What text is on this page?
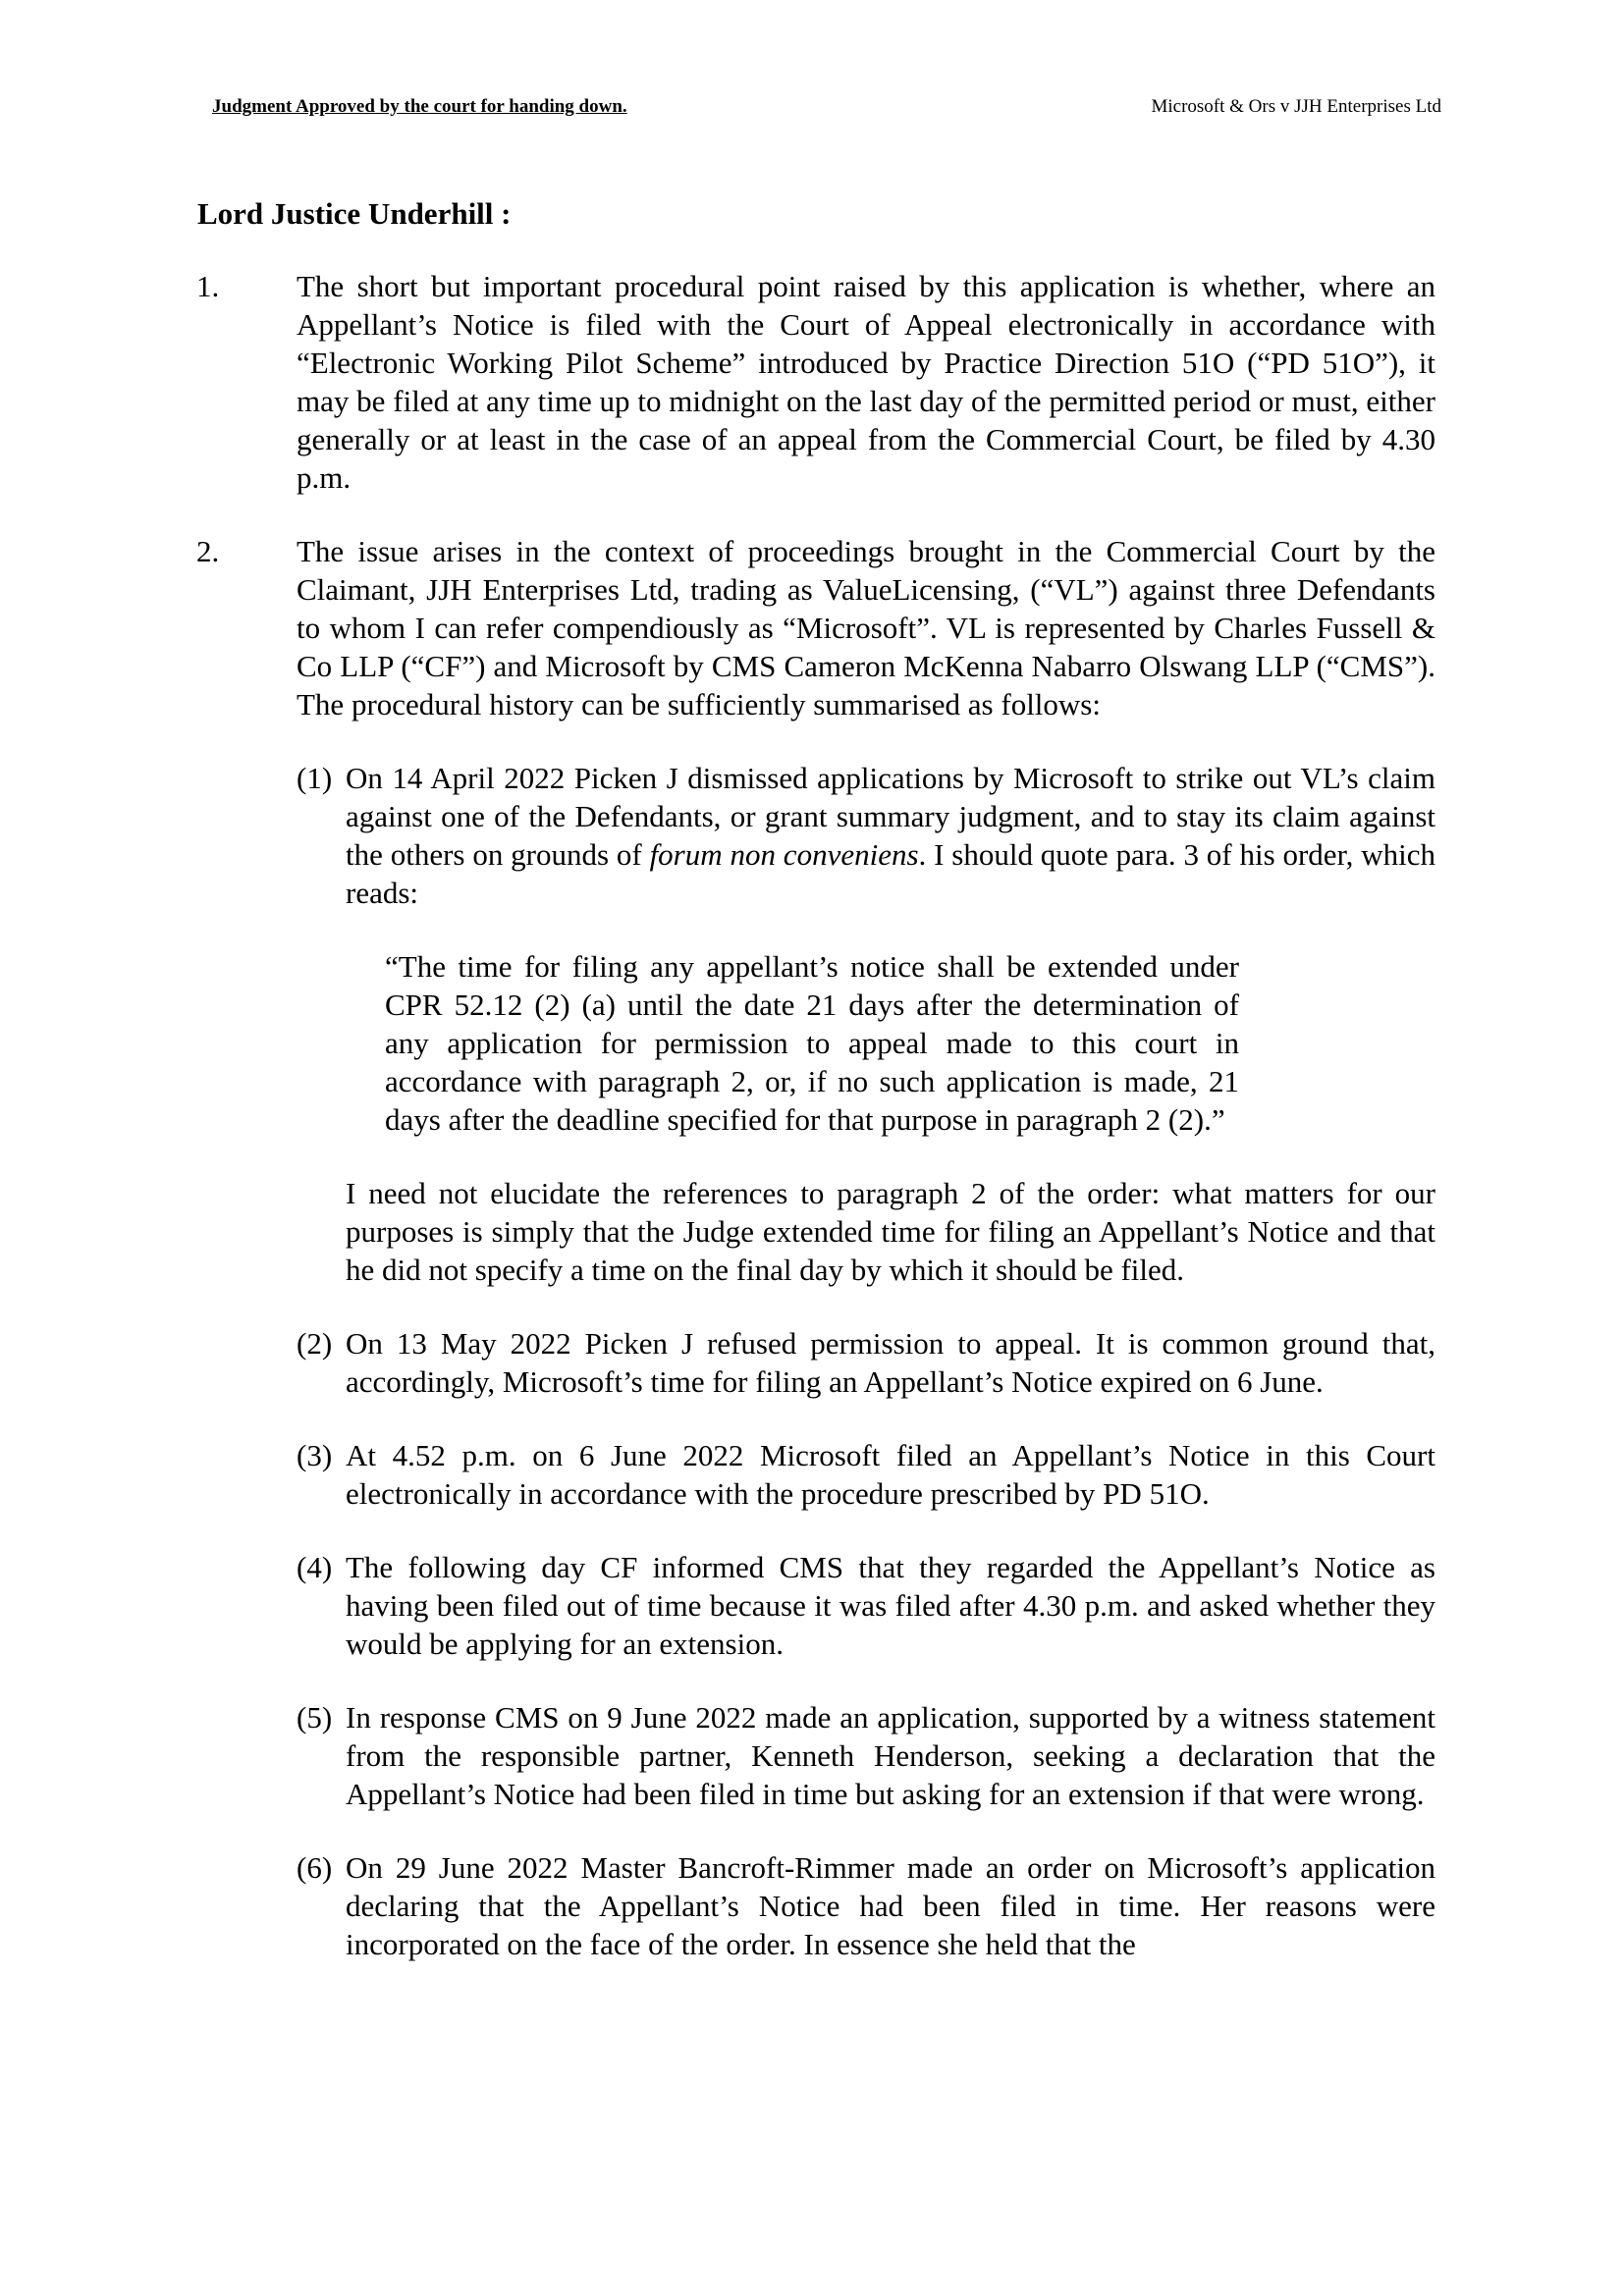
Judgment Approved by the court for handing down.	Microsoft & Ors v JJH Enterprises Ltd
Lord Justice Underhill :
1.	The short but important procedural point raised by this application is whether, where an Appellant’s Notice is filed with the Court of Appeal electronically in accordance with “Electronic Working Pilot Scheme” introduced by Practice Direction 51O (“PD 51O”), it may be filed at any time up to midnight on the last day of the permitted period or must, either generally or at least in the case of an appeal from the Commercial Court, be filed by 4.30 p.m.

2.	The issue arises in the context of proceedings brought in the Commercial Court by the Claimant, JJH Enterprises Ltd, trading as ValueLicensing, (“VL”) against three Defendants to whom I can refer compendiously as “Microsoft”. VL is represented by Charles Fussell & Co LLP (“CF”) and Microsoft by CMS Cameron McKenna Nabarro Olswang LLP (“CMS”). The procedural history can be sufficiently summarised as follows:

(1) On 14 April 2022 Picken J dismissed applications by Microsoft to strike out VL’s claim against one of the Defendants, or grant summary judgment, and to stay its claim against the others on grounds of forum non conveniens. I should quote para. 3 of his order, which reads:

“The time for filing any appellant’s notice shall be extended under CPR 52.12 (2) (a) until the date 21 days after the determination of any application for permission to appeal made to this court in accordance with paragraph 2, or, if no such application is made, 21 days after the deadline specified for that purpose in paragraph 2 (2).”
I need not elucidate the references to paragraph 2 of the order: what matters for our purposes is simply that the Judge extended time for filing an Appellant’s Notice and that he did not specify a time on the final day by which it should be filed.
(2) On 13 May 2022 Picken J refused permission to appeal. It is common ground that, accordingly, Microsoft’s time for filing an Appellant’s Notice expired on 6 June.

(3) At 4.52 p.m. on 6 June 2022 Microsoft filed an Appellant’s Notice in this Court electronically in accordance with the procedure prescribed by PD 51O.

(4) The following day CF informed CMS that they regarded the Appellant’s Notice as having been filed out of time because it was filed after 4.30 p.m. and asked whether they would be applying for an extension.

(5) In response CMS on 9 June 2022 made an application, supported by a witness statement from the responsible partner, Kenneth Henderson, seeking a declaration that the Appellant’s Notice had been filed in time but asking for an extension if that were wrong.

(6) On 29 June 2022 Master Bancroft-Rimmer made an order on Microsoft’s application declaring that the Appellant’s Notice had been filed in time. Her reasons were incorporated on the face of the order. In essence she held that the
